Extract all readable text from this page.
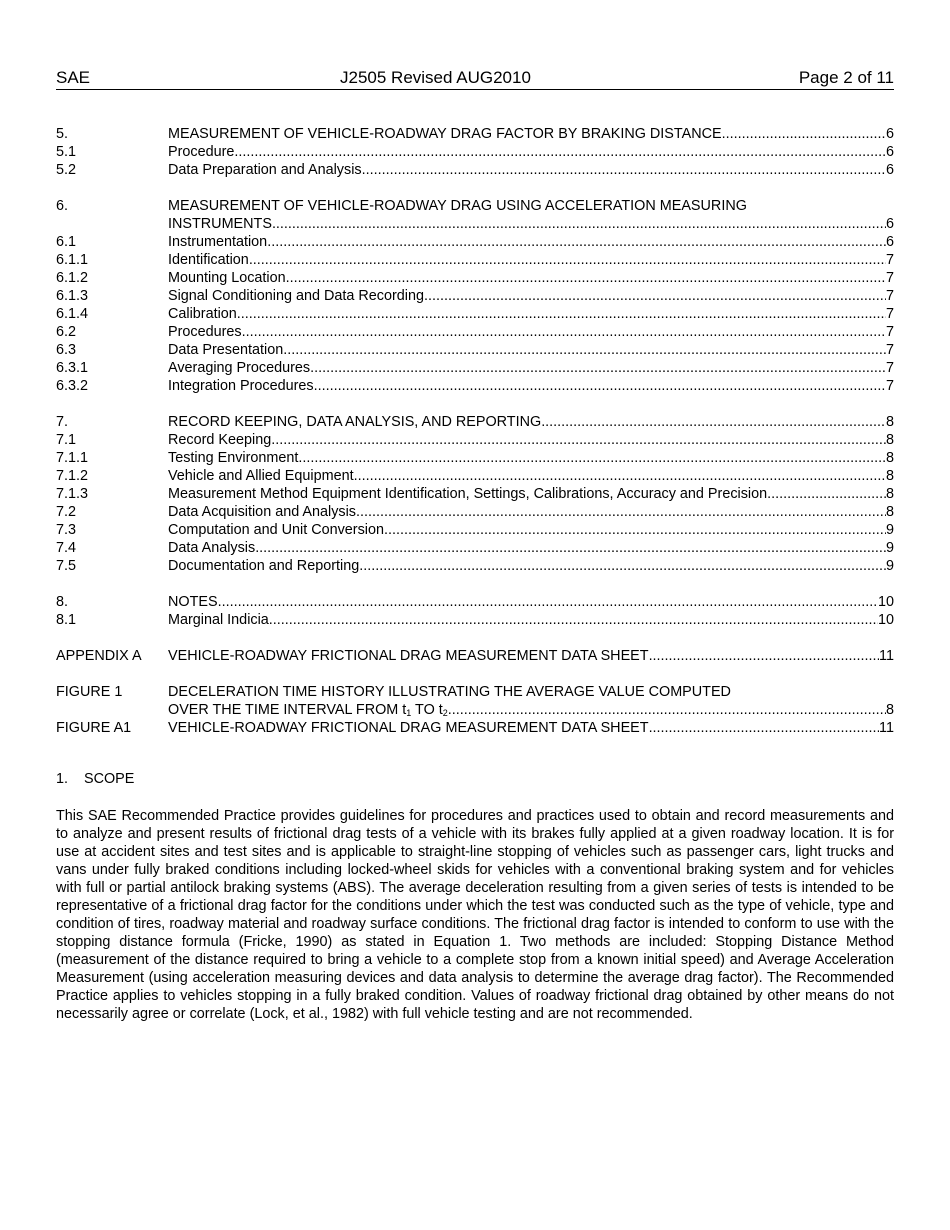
SAE	J2505 Revised AUG2010	Page 2 of 11
5.	MEASUREMENT OF VEHICLE-ROADWAY DRAG FACTOR BY BRAKING DISTANCE .....	6
5.1	Procedure .....	6
5.2	Data Preparation and Analysis .....	6
6.	MEASUREMENT OF VEHICLE-ROADWAY DRAG USING ACCELERATION MEASURING
INSTRUMENTS .....	6
6.1	Instrumentation .....	6
6.1.1	Identification .....	7
6.1.2	Mounting Location .....	7
6.1.3	Signal Conditioning and Data Recording .....	7
6.1.4	Calibration .....	7
6.2	Procedures .....	7
6.3	Data Presentation .....	7
6.3.1	Averaging Procedures .....	7
6.3.2	Integration Procedures .....	7
7.	RECORD KEEPING, DATA ANALYSIS, AND REPORTING .....	8
7.1	Record Keeping .....	8
7.1.1	Testing Environment .....	8
7.1.2	Vehicle and Allied Equipment .....	8
7.1.3	Measurement Method Equipment Identification, Settings, Calibrations, Accuracy and Precision .....	8
7.2	Data Acquisition and Analysis .....	8
7.3	Computation and Unit Conversion .....	9
7.4	Data Analysis .....	9
7.5	Documentation and Reporting .....	9
8.	NOTES .....	10
8.1	Marginal Indicia .....	10
APPENDIX A VEHICLE-ROADWAY FRICTIONAL DRAG MEASUREMENT DATA SHEET .....	11
FIGURE 1	DECELERATION TIME HISTORY ILLUSTRATING THE AVERAGE VALUE COMPUTED
OVER THE TIME INTERVAL FROM $t_1$ TO $t_2$. .....	8
FIGURE A1	VEHICLE-ROADWAY FRICTIONAL DRAG MEASUREMENT DATA SHEET .....	11
1. SCOPE

This SAE Recommended Practice provides guidelines for procedures and practices used to obtain and record measurements and to analyze and present results of frictional drag tests of a vehicle with its brakes fully applied at a given roadway location. It is for use at accident sites and test sites and is applicable to straight-line stopping of vehicles such as passenger cars, light trucks and vans under fully braked conditions including locked-wheel skids for vehicles with a conventional braking system and for vehicles with full or partial antilock braking systems (ABS). The average deceleration resulting from a given series of tests is intended to be representative of a frictional drag factor for the conditions under which the test was conducted such as the type of vehicle, type and condition of tires, roadway material and roadway surface conditions. The frictional drag factor is intended to conform to use with the stopping distance formula (Fricke, 1990) as stated in Equation 1. Two methods are included: Stopping Distance Method (measurement of the distance required to bring a vehicle to a complete stop from a known initial speed) and Average Acceleration Measurement (using acceleration measuring devices and data analysis to determine the average drag factor). The Recommended Practice applies to vehicles stopping in a fully braked condition. Values of roadway frictional drag obtained by other means do not necessarily agree or correlate (Lock, et al., 1982) with full vehicle testing and are not recommended.
